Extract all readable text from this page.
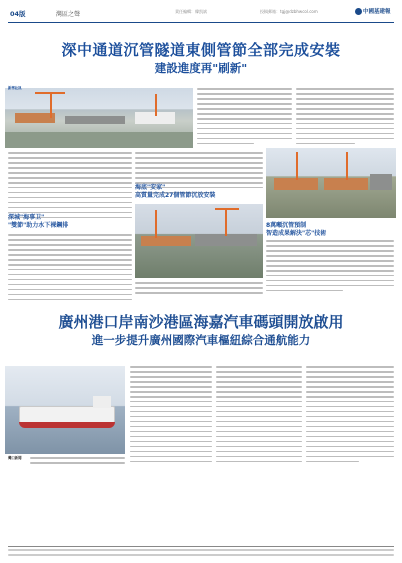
04版	灣區之聲	責任編輯：韓凯斌	投稿郵箱：tgj@dzbhwcol.com	中國基建報
深中通道沉管隧道東側管節全部完成安裝
建設進度再"刷新"
新華社訊
深城"海事卫"
"雙節"助力水下裸鋼排
海底"安家"
高質量完成27個管節沉放安裝
8萬噸沉管預制
智造成果解決"芯"技術
廣州港口岸南沙港區海嘉汽車碼頭開放啟用
進一步提升廣州國際汽車樞紐綜合通航能力
灣口新聞
